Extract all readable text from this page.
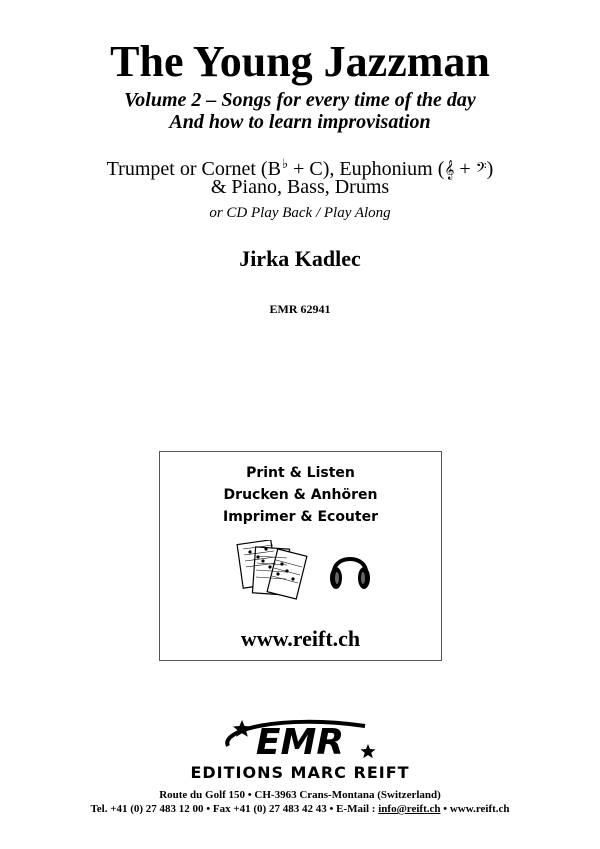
The Young Jazzman
Volume 2 – Songs for every time of the day
And how to learn improvisation
Trumpet or Cornet (B♭ + C), Euphonium (𝄞 + 𝄢)
& Piano, Bass, Drums
or CD Play Back / Play Along
Jirka Kadlec
EMR 62941
Print & Listen
Drucken & Anhören
Imprimer & Ecouter
www.reift.ch
EMR
EDITIONS MARC REIFT
Route du Golf 150 • CH-3963 Crans-Montana (Switzerland)
Tel. +41 (0) 27 483 12 00 • Fax +41 (0) 27 483 42 43 • E-Mail : info@reift.ch • www.reift.ch
